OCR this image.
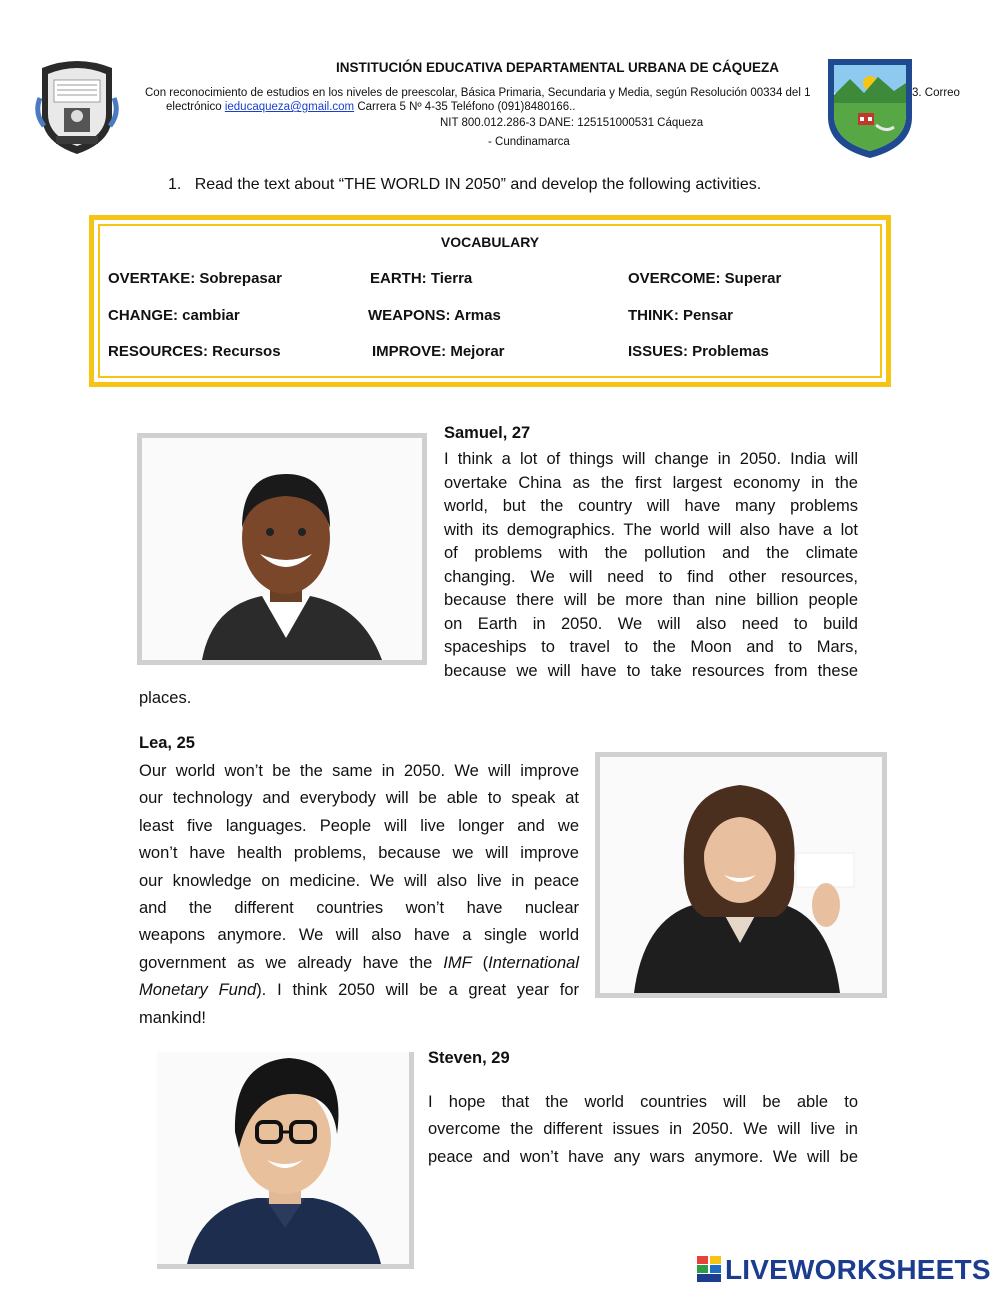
INSTITUCIÓN EDUCATIVA DEPARTAMENTAL URBANA DE CÁQUEZA
Con reconocimiento de estudios en los niveles de preescolar, Básica Primaria, Secundaria y Media, según Resolución 00334 del 1	3. Correo
electrónico ieducaqueza@gmail.com Carrera 5 Nº 4-35 Teléfono (091)8480166..
NIT 800.012.286-3 DANE: 125151000531 Cáqueza
- Cundinamarca
1. Read the text about “THE WORLD IN 2050” and develop the following activities.
VOCABULARY
OVERTAKE: Sobrepasar	EARTH: Tierra	OVERCOME: Superar
CHANGE: cambiar	WEAPONS: Armas	THINK: Pensar
RESOURCES: Recursos	IMPROVE: Mejorar	ISSUES: Problemas
Samuel, 27
I think a lot of things will change in 2050. India will
overtake China as the first largest economy in the
world, but the country will have many problems
with its demographics. The world will also have a lot
of problems with the pollution and the climate
changing. We will need to find other resources,
because there will be more than nine billion people
on Earth in 2050. We will also need to build
spaceships to travel to the Moon and to Mars,
because we will have to take resources from these
places.
Lea, 25
Our world won’t be the same in 2050. We will improve
our technology and everybody will be able to speak at
least five languages. People will live longer and we
won’t have health problems, because we will improve
our knowledge on medicine. We will also live in peace
and the different countries won’t have nuclear
weapons anymore. We will also have a single world
government as we already have the IMF (International
Monetary Fund). I think 2050 will be a great year for
mankind!
Steven, 29
I hope that the world countries will be able to
overcome the different issues in 2050. We will live in
peace and won’t have any wars anymore. We will be
LIVEWORKSHEETS
